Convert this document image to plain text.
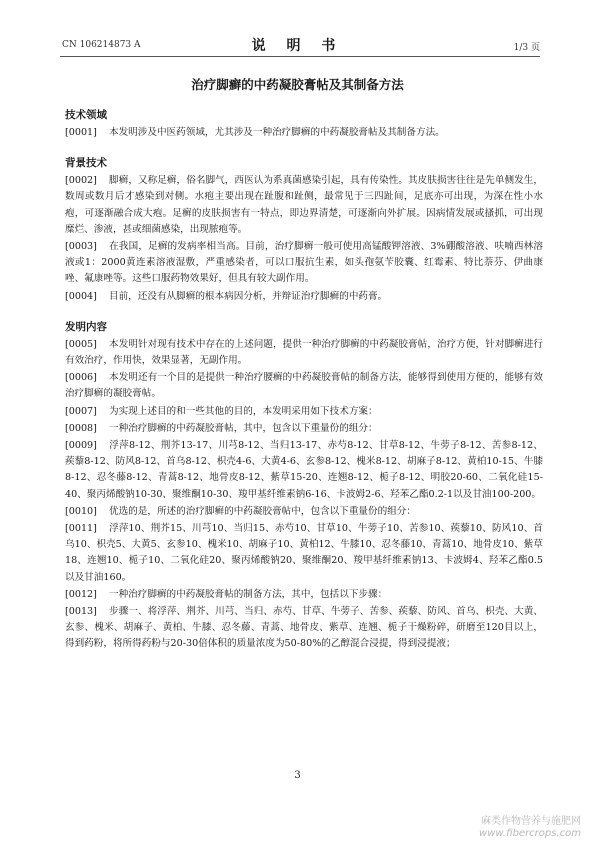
CN 106214873 A	说 明 书	1/3 页
治疗脚癣的中药凝胶膏帖及其制备方法
技术领域
[0001] 本发明涉及中医药领域，尤其涉及一种治疗脚癣的中药凝胶膏帖及其制备方法。
背景技术
[0002] 脚癣，又称足癣，俗名脚气，西医认为系真菌感染引起，具有传染性。其皮肤损害往往是先单侧发生，数周或数月后才感染到对侧。水疱主要出现在趾腹和趾侧，最常见于三四趾间，足底亦可出现，为深在性小水疱，可逐渐融合成大疱。足癣的皮肤损害有一特点，即边界清楚，可逐渐向外扩展。因病情发展或搔抓，可出现糜烂、渗液，甚或细菌感染，出现脓疱等。
[0003] 在我国，足癣的发病率相当高。目前，治疗脚癣一般可使用高锰酸钾溶液、3%硼酸溶液、呋喃西林溶液或1：2000黄连素溶液湿敷，严重感染者，可以口服抗生素，如头孢氨苄胶囊、红霉素、特比萘芬、伊曲康唑、氟康唑等。这些口服药物效果好，但具有较大副作用。
[0004] 目前，还没有从脚癣的根本病因分析，并辩证治疗脚癣的中药膏。
发明内容
[0005] 本发明针对现有技术中存在的上述问题，提供一种治疗脚癣的中药凝胶膏帖，治疗方便，针对脚癣进行有效治疗，作用快，效果显著，无副作用。
[0006] 本发明还有一个目的是提供一种治疗腰癣的中药凝胶膏帖的制备方法，能够得到使用方便的，能够有效治疗脚癣的凝胶膏帖。
[0007] 为实现上述目的和一些其他的目的，本发明采用如下技术方案：
[0008] 一种治疗脚癣的中药凝胶膏帖，其中，包含以下重量份的组分：
[0009] 浮萍8-12、荆芥13-17、川芎8-12、当归13-17、赤芍8-12、甘草8-12、牛蒡子8-12、苦参8-12、蒺藜8-12、防风8-12、首乌8-12、枳壳4-6、大黄4-6、玄参8-12、槐米8-12、胡麻子8-12、黄柏10-15、牛膝8-12、忍冬藤8-12、青蒿8-12、地骨皮8-12、紫草15-20、连翘8-12、栀子8-12、明胶20-60、二氧化硅15-40、聚丙烯酸钠10-30、聚维酮10-30、羧甲基纤维素钠6-16、卡波姆2-6、羟苯乙酯0.2-1以及甘油100-200。
[0010] 优选的是，所述的治疗脚癣的中药凝胶膏帖中，包含以下重量份的组分：
[0011] 浮萍10、荆芥15、川芎10、当归15、赤芍10、甘草10、牛蒡子10、苦参10、蒺藜10、防风10、首乌10、枳壳5、大黄5、玄参10、槐米10、胡麻子10、黄柏12、牛膝10、忍冬藤10、青蒿10、地骨皮10、紫草18、连翘10、栀子10、二氧化硅20、聚丙烯酸钠20、聚维酮20、羧甲基纤维素钠13、卡波姆4、羟苯乙酯0.5以及甘油160。
[0012] 一种治疗脚癣的中药凝胶膏帖的制备方法，其中，包括以下步骤：
[0013] 步骤一、将浮萍、荆芥、川芎、当归、赤芍、甘草、牛蒡子、苦参、蒺藜、防风、首乌、枳壳、大黄、玄参、槐米、胡麻子、黄柏、牛膝、忍冬藤、青蒿、地骨皮、紫草、连翘、栀子干燥粉碎，研磨至120目以上，得到药粉，将所得药粉与20-30倍体积的质量浓度为50-80%的乙醇混合浸提，得到浸提液；
3
麻类作物营养与施肥网
www.fibercrops.com
